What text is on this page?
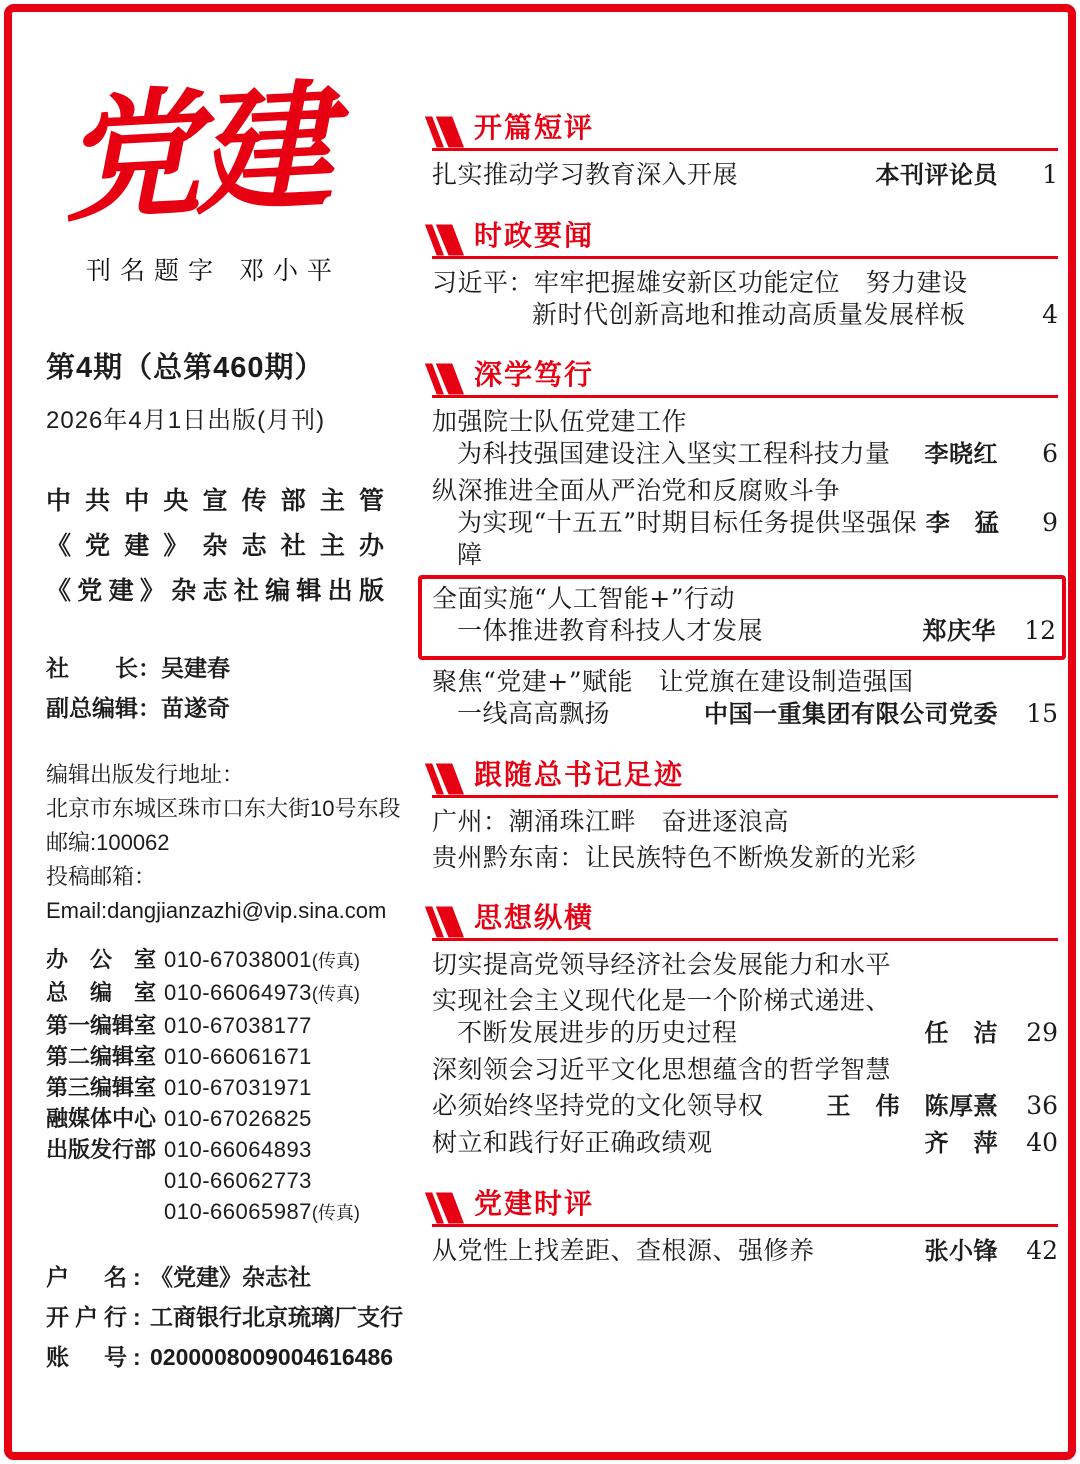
党建
刊名题字 邓小平
第4期（总第460期）
2026年4月1日出版(月刊)
中共中央宣传部主管
《党建》杂志社主办
《党建》杂志社编辑出版
社　　长：吴建春
副总编辑：苗遂奇
编辑出版发行地址：
北京市东城区珠市口东大街10号东段
邮编:100062
投稿邮箱：
Email:dangjianzazhi@vip.sina.com
办　公　室 010-67038001(传真)
总　编　室 010-66064973(传真)
第一编辑室 010-67038177
第二编辑室 010-66061671
第三编辑室 010-67031971
融媒体中心 010-67026825
出版发行部 010-66064893
010-66062773
010-66065987(传真)
户　名: 《党建》杂志社
开户行: 工商银行北京琉璃厂支行
账　号: 0200008009004616486
开篇短评
扎实推动学习教育深入开展	本刊评论员	1
时政要闻
习近平：牢牢把握雄安新区功能定位　努力建设
新时代创新高地和推动高质量发展样板	4
深学笃行
加强院士队伍党建工作
为科技强国建设注入坚实工程科技力量 李晓红	6
纵深推进全面从严治党和反腐败斗争
为实现“十五五”时期目标任务提供坚强保障
李　猛	9
全面实施“人工智能+”行动
一体推进教育科技人才发展	郑庆华 12
聚焦“党建+”赋能　让党旗在建设制造强国
一线高高飘扬	中国一重集团有限公司党委 15
跟随总书记足迹
广州：潮涌珠江畔　奋进逐浪高
贵州黔东南：让民族特色不断焕发新的光彩
思想纵横
切实提高党领导经济社会发展能力和水平
实现社会主义现代化是一个阶梯式递进、
不断发展进步的历史过程	任　洁 29
深刻领会习近平文化思想蕴含的哲学智慧
必须始终坚持党的文化领导权	王　伟　陈厚熹 36
树立和践行好正确政绩观	齐　萍 40
党建时评
从党性上找差距、查根源、强修养	张小锋 42
